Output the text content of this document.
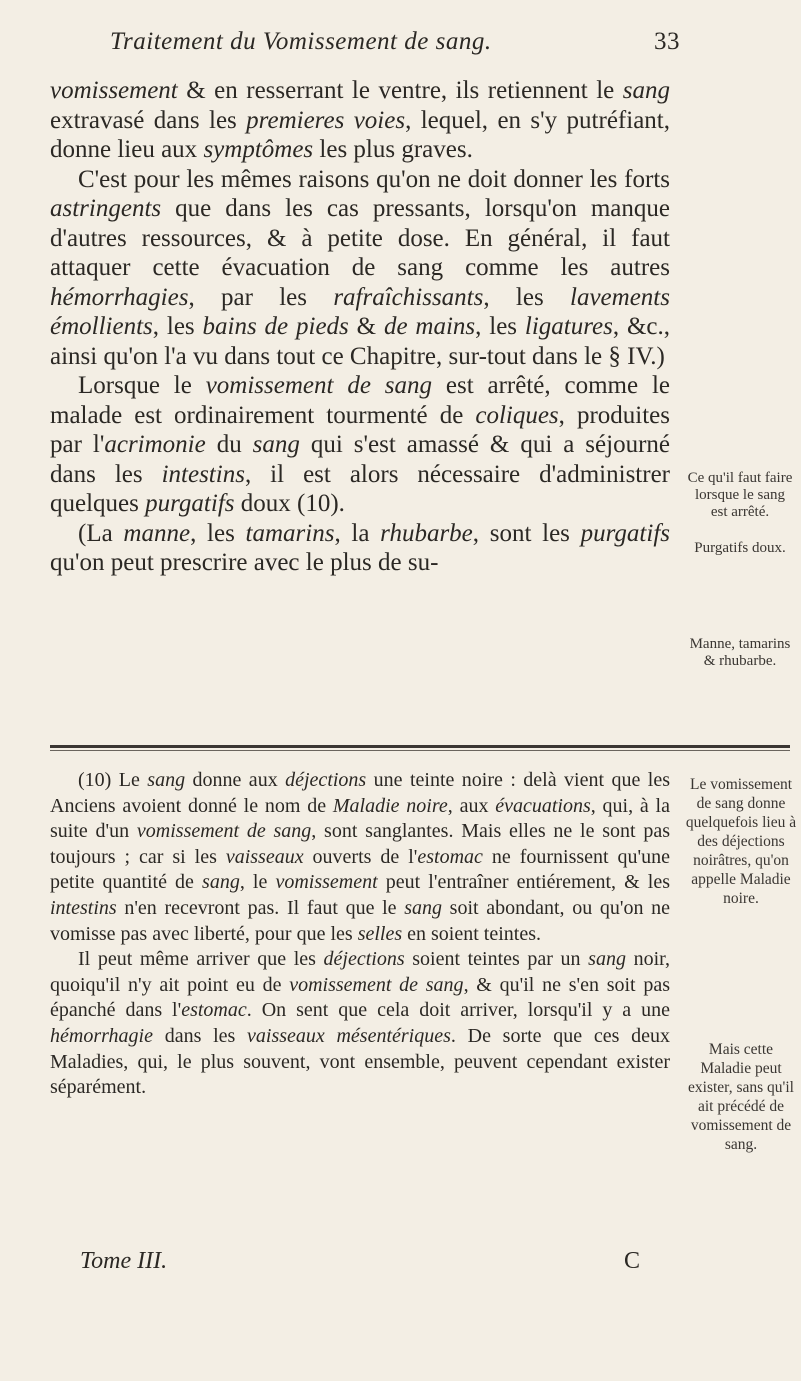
Traitement du Vomissement de sang.	33

vomissement & en resserrant le ventre, ils retiennent le sang extravasé dans les premieres voies, lequel, en s'y putréfiant, donne lieu aux symptômes les plus graves.

C'est pour les mêmes raisons qu'on ne doit donner les forts astringents que dans les cas pressants, lorsqu'on manque d'autres ressources, & à petite dose. En général, il faut attaquer cette évacuation de sang comme les autres hémorrhagies, par les rafraîchissants, les lavements émollients, les bains de pieds & de mains, les ligatures, &c., ainsi qu'on l'a vu dans tout ce Chapitre, sur-tout dans le § IV.)

Lorsque le vomissement de sang est arrêté, comme le malade est ordinairement tourmenté de coliques, produites par l'acrimonie du sang qui s'est amassé & qui a séjourné dans les intestins, il est alors nécessaire d'administrer quelques purgatifs doux (10).

(La manne, les tamarins, la rhubarbe, sont les purgatifs qu'on peut prescrire avec le plus de su-

Ce qu'il faut faire lorsque le sang est arrêté.
Purgatifs doux.
Manne, tamarins & rhubarbe.

(10) Le sang donne aux déjections une teinte noire : delà vient que les Anciens avoient donné le nom de Maladie noire, aux évacuations, qui, à la suite d'un vomissement de sang, sont sanglantes. Mais elles ne le sont pas toujours ; car si les vaisseaux ouverts de l'estomac ne fournissent qu'une petite quantité de sang, le vomissement peut l'entraîner entiérement, & les intestins n'en recevront pas. Il faut que le sang soit abondant, ou qu'on ne vomisse pas avec liberté, pour que les selles en soient teintes.

Il peut même arriver que les déjections soient teintes par un sang noir, quoiqu'il n'y ait point eu de vomissement de sang, & qu'il ne s'en soit pas épanché dans l'estomac. On sent que cela doit arriver, lorsqu'il y a une hémorrhagie dans les vaisseaux mésentériques. De sorte que ces deux Maladies, qui, le plus souvent, vont ensemble, peuvent cependant exister séparément.

Le vomissement de sang donne quelquefois lieu à des déjections noirâtres, qu'on appelle Maladie noire.
Mais cette Maladie peut exister, sans qu'il ait précédé de vomissement de sang.
Tome III.	C
